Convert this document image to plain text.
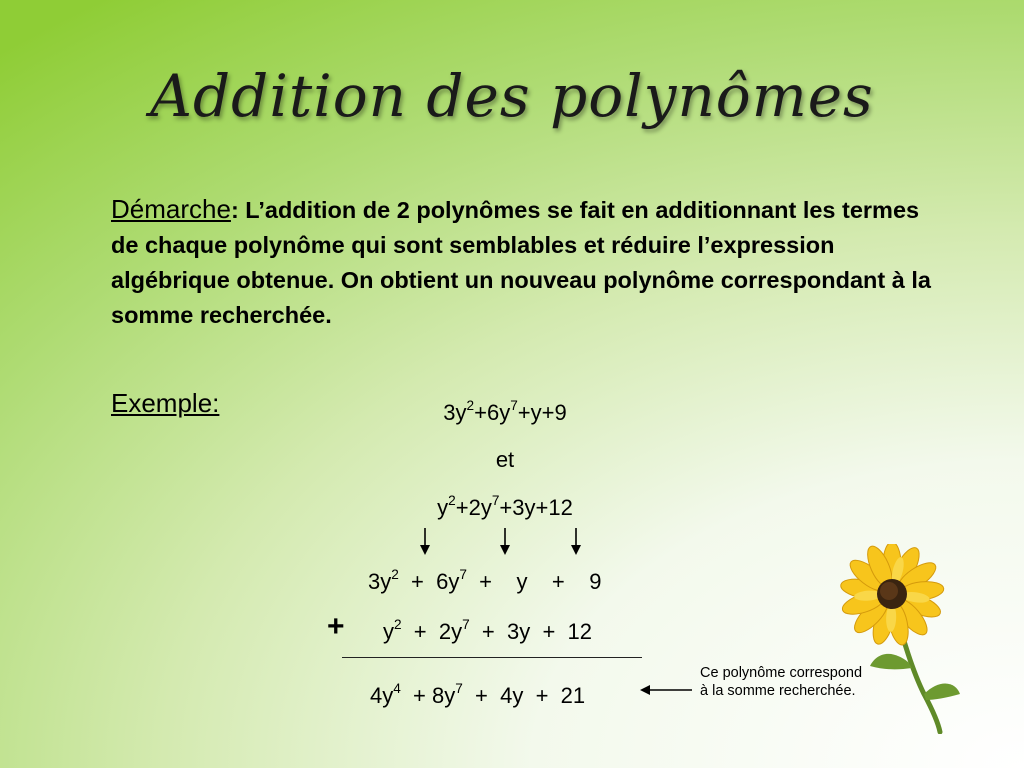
Addition des polynômes

Démarche: L’addition de 2 polynômes se fait en additionnant les termes de chaque polynôme qui sont semblables et réduire l’expression algébrique obtenue. On obtient un nouveau polynôme correspondant à la somme recherchée.

Exemple:	$3y^2+6y^7+y+9$
et
$y^2+2y^7+3y+12$
$3y^2 + 6y^7$  +    y    +    9
+ $y^2 + 2y^7 + 3y + 12$
$4y^4 + 8y^7 + 4y + 21$

Ce polynôme correspond à la somme recherchée.
